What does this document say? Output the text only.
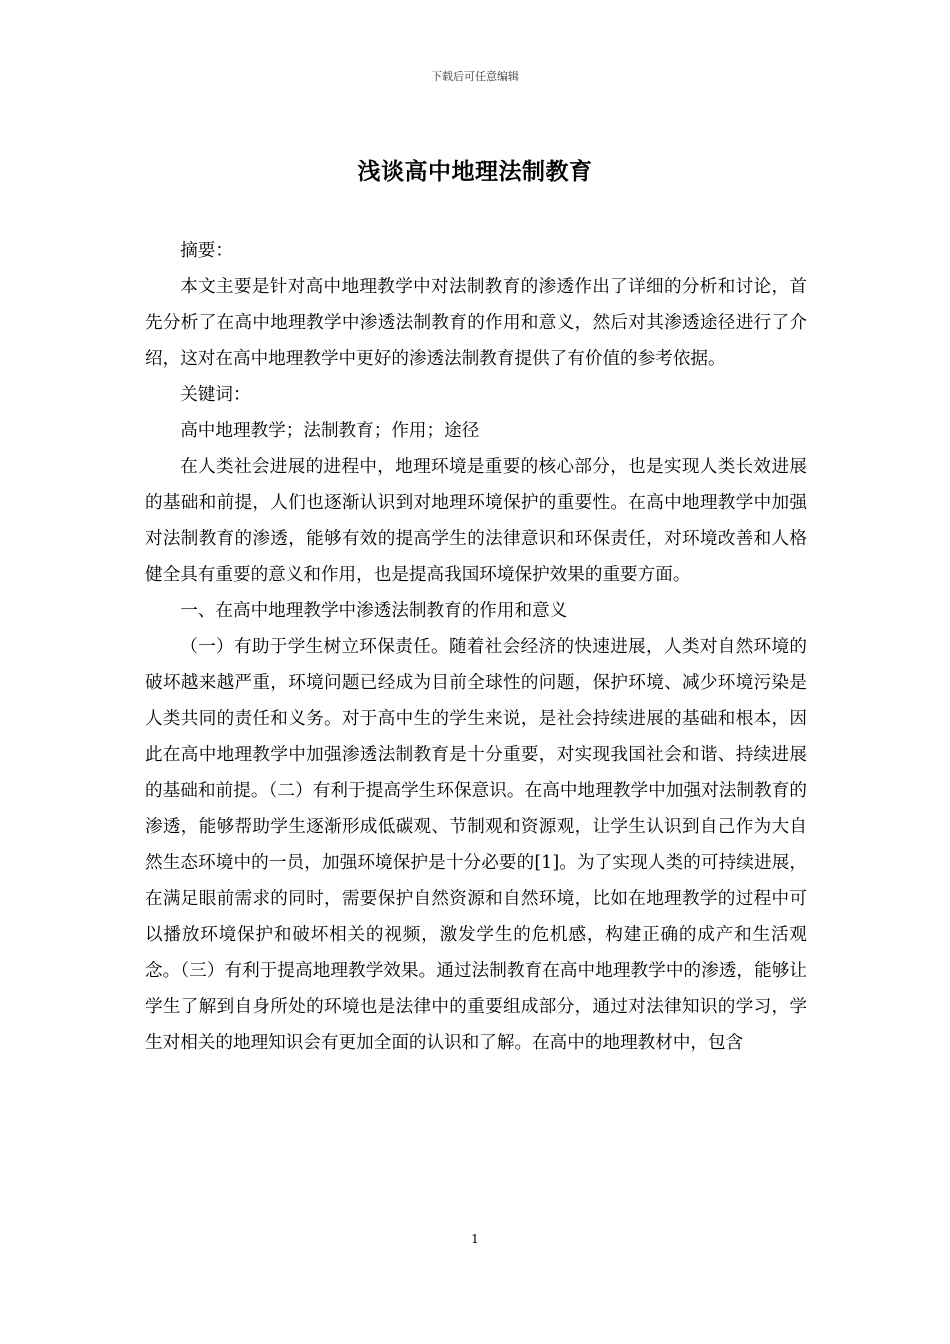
下载后可任意编辑
浅谈高中地理法制教育

摘要：

本文主要是针对高中地理教学中对法制教育的渗透作出了详细的分析和讨论，首先分析了在高中地理教学中渗透法制教育的作用和意义，然后对其渗透途径进行了介绍，这对在高中地理教学中更好的渗透法制教育提供了有价值的参考依据。

关键词：

高中地理教学；法制教育；作用；途径

在人类社会进展的进程中，地理环境是重要的核心部分，也是实现人类长效进展的基础和前提，人们也逐渐认识到对地理环境保护的重要性。在高中地理教学中加强对法制教育的渗透，能够有效的提高学生的法律意识和环保责任，对环境改善和人格健全具有重要的意义和作用，也是提高我国环境保护效果的重要方面。

一、在高中地理教学中渗透法制教育的作用和意义

（一）有助于学生树立环保责任。随着社会经济的快速进展，人类对自然环境的破坏越来越严重，环境问题已经成为目前全球性的问题，保护环境、减少环境污染是人类共同的责任和义务。对于高中生的学生来说，是社会持续进展的基础和根本，因此在高中地理教学中加强渗透法制教育是十分重要，对实现我国社会和谐、持续进展的基础和前提。（二）有利于提高学生环保意识。在高中地理教学中加强对法制教育的渗透，能够帮助学生逐渐形成低碳观、节制观和资源观，让学生认识到自己作为大自然生态环境中的一员，加强环境保护是十分必要的[1]。为了实现人类的可持续进展，在满足眼前需求的同时，需要保护自然资源和自然环境，比如在地理教学的过程中可以播放环境保护和破坏相关的视频，激发学生的危机感，构建正确的成产和生活观念。（三）有利于提高地理教学效果。通过法制教育在高中地理教学中的渗透，能够让学生了解到自身所处的环境也是法律中的重要组成部分，通过对法律知识的学习，学生对相关的地理知识会有更加全面的认识和了解。在高中的地理教材中，包含

1
